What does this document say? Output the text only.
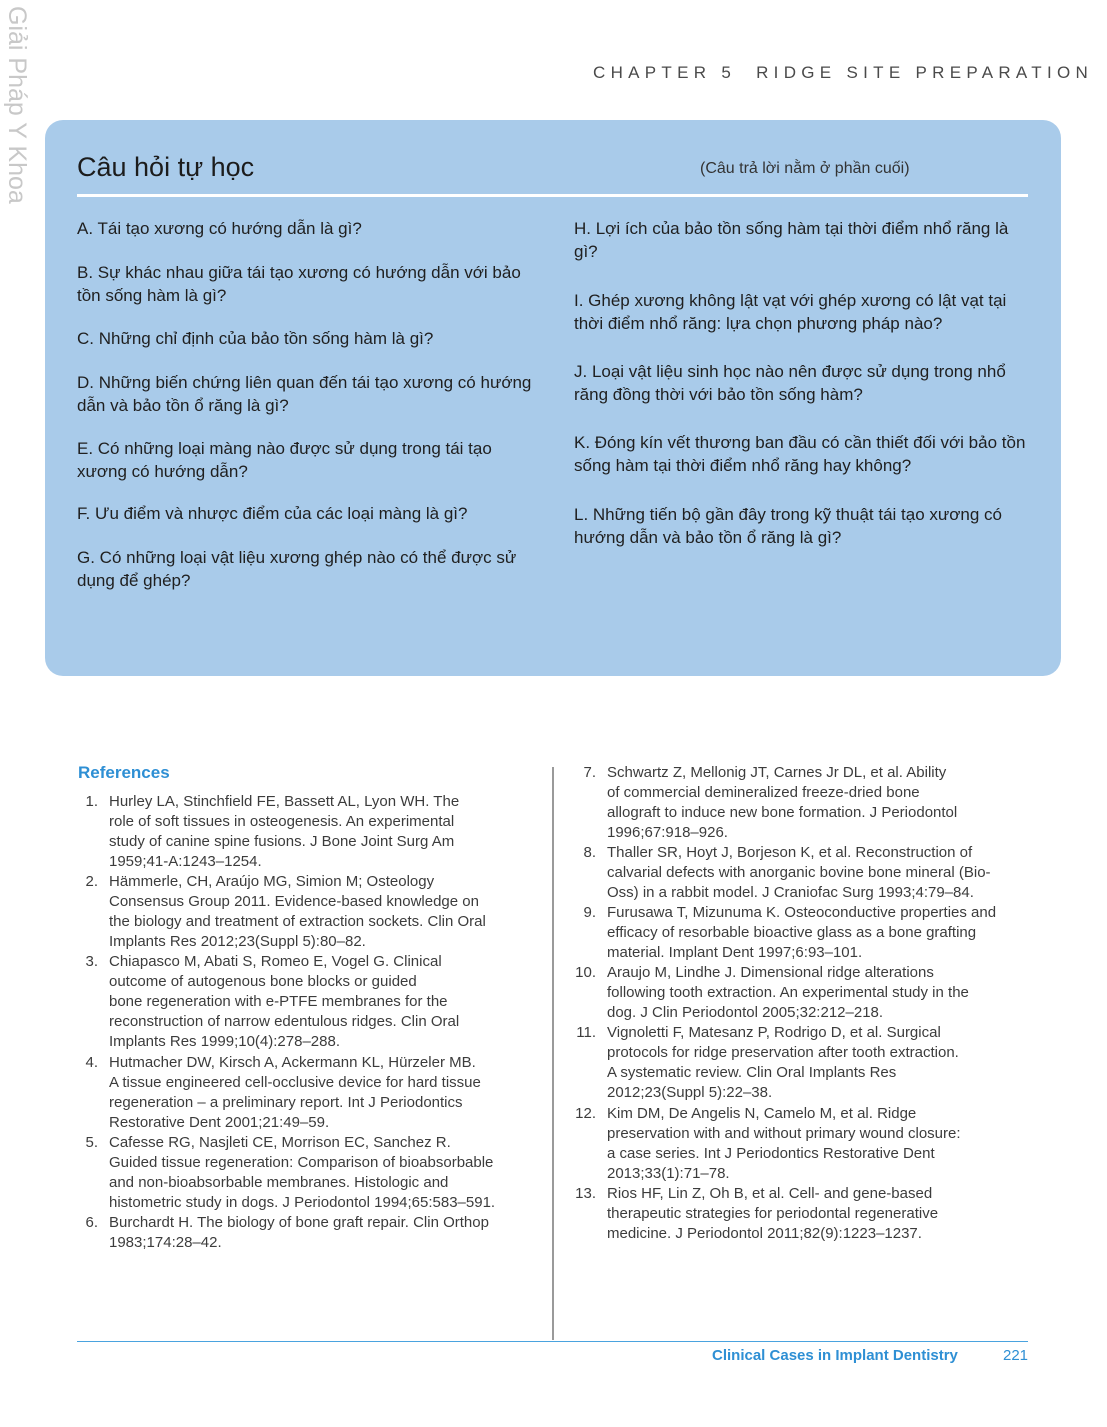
Giải Pháp Y Khoa	CHAPTER 5 RIDGE SITE PREPARATION
Câu hỏi tự học	(Câu trả lời nằm ở phần cuối)
A. Tái tạo xương có hướng dẫn là gì?
B. Sự khác nhau giữa tái tạo xương có hướng dẫn với bảo tồn sống hàm là gì?
C. Những chỉ định của bảo tồn sống hàm là gì?
D. Những biến chứng liên quan đến tái tạo xương có hướng dẫn và bảo tồn ổ răng là gì?
E. Có những loại màng nào được sử dụng trong tái tạo xương có hướng dẫn?
F. Ưu điểm và nhược điểm của các loại màng là gì?
G. Có những loại vật liệu xương ghép nào có thể được sử dụng để ghép?
H. Lợi ích của bảo tồn sống hàm tại thời điểm nhổ răng là gì?
I. Ghép xương không lật vạt với ghép xương có lật vạt tại thời điểm nhổ răng: lựa chọn phương pháp nào?
J. Loại vật liệu sinh học nào nên được sử dụng trong nhổ răng đồng thời với bảo tồn sống hàm?
K. Đóng kín vết thương ban đầu có cần thiết đối với bảo tồn sống hàm tại thời điểm nhổ răng hay không?
L. Những tiến bộ gần đây trong kỹ thuật tái tạo xương có hướng dẫn và bảo tồn ổ răng là gì?
References
1. Hurley LA, Stinchfield FE, Bassett AL, Lyon WH. The
role of soft tissues in osteogenesis. An experimental
study of canine spine fusions. J Bone Joint Surg Am
1959;41-A:1243–1254.
2. Hämmerle, CH, Araújo MG, Simion M; Osteology
Consensus Group 2011. Evidence-based knowledge on
the biology and treatment of extraction sockets. Clin Oral
Implants Res 2012;23(Suppl 5):80–82.
3. Chiapasco M, Abati S, Romeo E, Vogel G. Clinical
outcome of autogenous bone blocks or guided
bone regeneration with e-PTFE membranes for the
reconstruction of narrow edentulous ridges. Clin Oral
Implants Res 1999;10(4):278–288.
4. Hutmacher DW, Kirsch A, Ackermann KL, Hürzeler MB.
A tissue engineered cell-occlusive device for hard tissue
regeneration – a preliminary report. Int J Periodontics
Restorative Dent 2001;21:49–59.
5. Cafesse RG, Nasjleti CE, Morrison EC, Sanchez R.
Guided tissue regeneration: Comparison of bioabsorbable
and non-bioabsorbable membranes. Histologic and
histometric study in dogs. J Periodontol 1994;65:583–591.
6. Burchardt H. The biology of bone graft repair. Clin Orthop
1983;174:28–42.
7. Schwartz Z, Mellonig JT, Carnes Jr DL, et al. Ability
of commercial demineralized freeze-dried bone
allograft to induce new bone formation. J Periodontol
1996;67:918–926.
8. Thaller SR, Hoyt J, Borjeson K, et al. Reconstruction of
calvarial defects with anorganic bovine bone mineral (Bio-
Oss) in a rabbit model. J Craniofac Surg 1993;4:79–84.
9. Furusawa T, Mizunuma K. Osteoconductive properties and
efficacy of resorbable bioactive glass as a bone grafting
material. Implant Dent 1997;6:93–101.
10. Araujo M, Lindhe J. Dimensional ridge alterations
following tooth extraction. An experimental study in the
dog. J Clin Periodontol 2005;32:212–218.
11. Vignoletti F, Matesanz P, Rodrigo D, et al. Surgical
protocols for ridge preservation after tooth extraction.
A systematic review. Clin Oral Implants Res
2012;23(Suppl 5):22–38.
12. Kim DM, De Angelis N, Camelo M, et al. Ridge
preservation with and without primary wound closure:
a case series. Int J Periodontics Restorative Dent
2013;33(1):71–78.
13. Rios HF, Lin Z, Oh B, et al. Cell- and gene-based
therapeutic strategies for periodontal regenerative
medicine. J Periodontol 2011;82(9):1223–1237.
Clinical Cases in Implant Dentistry	221
